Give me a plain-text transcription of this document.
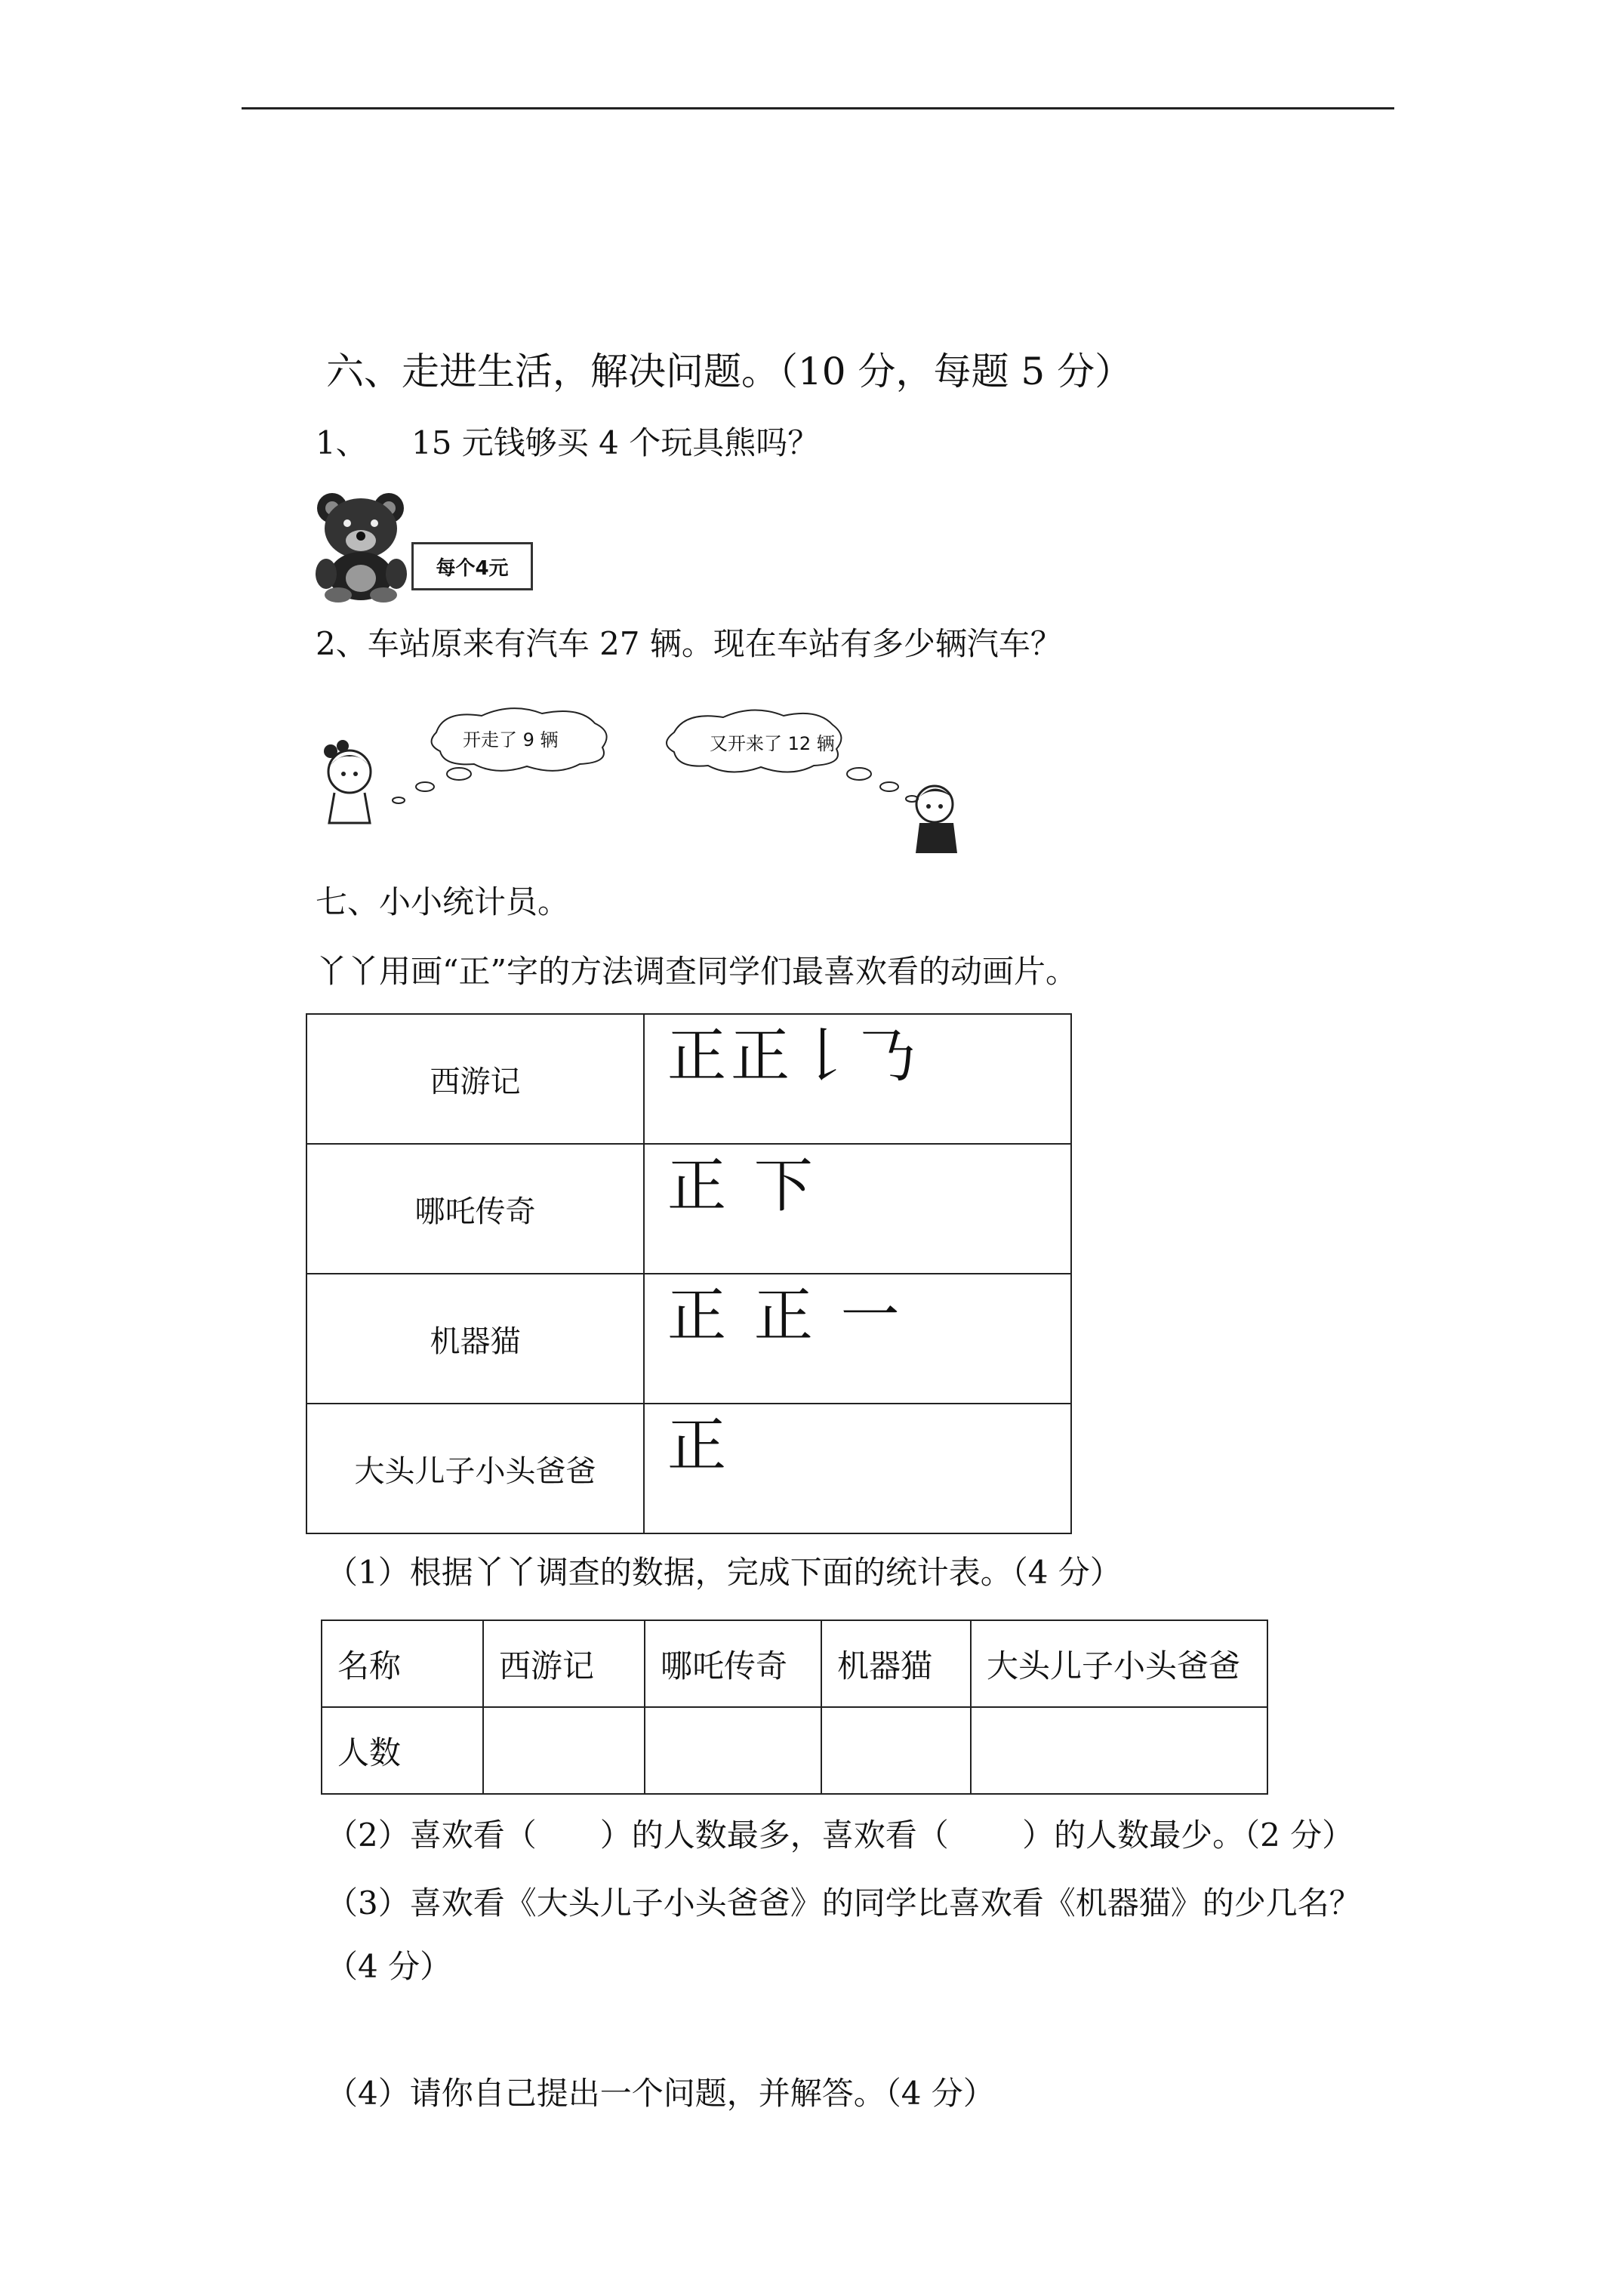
六、走进生活，解决问题。（10 分，每题 5 分）
1、 15 元钱够买 4 个玩具熊吗？
每个4元
2、车站原来有汽车 27 辆。现在车站有多少辆汽车？
开走了 9 辆	又开来了 12 辆
七、小小统计员。
丫丫用画“正”字的方法调查同学们最喜欢看的动画片。
西游记	正正𠄌𠄎

哪吒传奇	正 下

机器猫	正 正 一

大头儿子小头爸爸	正
（1）根据丫丫调查的数据，完成下面的统计表。（4 分）
名称	西游记	哪吒传奇	机器猫	大头儿子小头爸爸
人数				
（2）喜欢看（　　）的人数最多，喜欢看（　　 ）的人数最少。（2 分）
（3）喜欢看《大头儿子小头爸爸》的同学比喜欢看《机器猫》的少几名？
（4 分）
（4）请你自己提出一个问题，并解答。（4 分）
